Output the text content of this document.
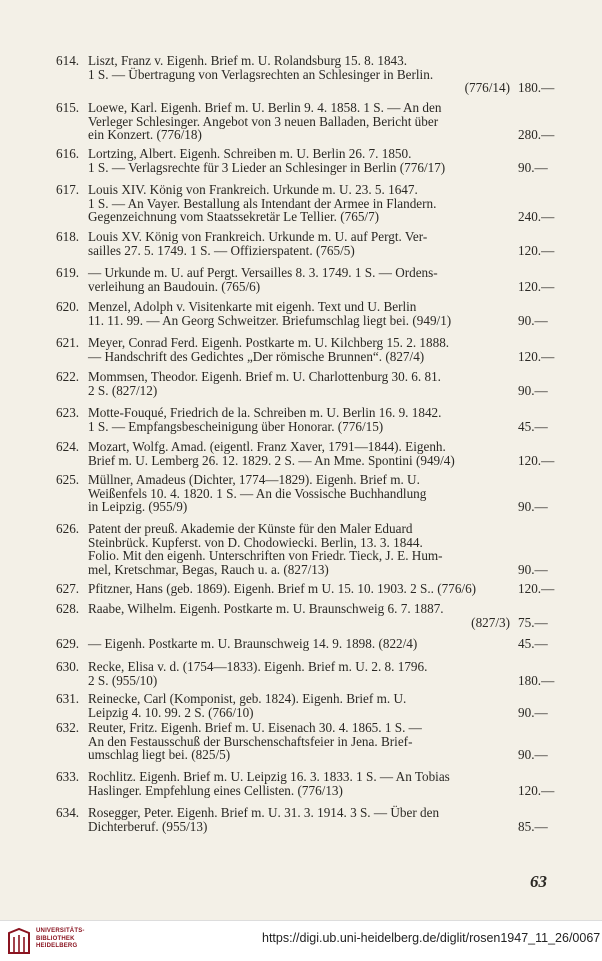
614. Liszt, Franz v. Eigenh. Brief m. U. Rolandsburg 15. 8. 1843.
1 S. — Übertragung von Verlagsrechten an Schlesinger in Berlin.
(776/14) 180.—
615. Loewe, Karl. Eigenh. Brief m. U. Berlin 9. 4. 1858. 1 S. — An den
Verleger Schlesinger. Angebot von 3 neuen Balladen, Bericht über
ein Konzert. (776/18)	280.—
616. Lortzing, Albert. Eigenh. Schreiben m. U. Berlin 26. 7. 1850.
1 S. — Verlagsrechte für 3 Lieder an Schlesinger in Berlin (776/17)	90.—
617. Louis XIV. König von Frankreich. Urkunde m. U. 23. 5. 1647.
1 S. — An Vayer. Bestallung als Intendant der Armee in Flandern.
Gegenzeichnung vom Staatssekretär Le Tellier. (765/7)	240.—
618. Louis XV. König von Frankreich. Urkunde m. U. auf Pergt. Ver-
sailles 27. 5. 1749. 1 S. — Offizierspatent. (765/5)	120.—
619. — Urkunde m. U. auf Pergt. Versailles 8. 3. 1749. 1 S. — Ordens-
verleihung an Baudouin. (765/6)	120.—
620. Menzel, Adolph v. Visitenkarte mit eigenh. Text und U. Berlin
11. 11. 99. — An Georg Schweitzer. Briefumschlag liegt bei. (949/1)	90.—
621. Meyer, Conrad Ferd. Eigenh. Postkarte m. U. Kilchberg 15. 2. 1888.
— Handschrift des Gedichtes „Der römische Brunnen“. (827/4)	120.—
622. Mommsen, Theodor. Eigenh. Brief m. U. Charlottenburg 30. 6. 81.
2 S. (827/12)	90.—
623. Motte-Fouqué, Friedrich de la. Schreiben m. U. Berlin 16. 9. 1842.
1 S. — Empfangsbescheinigung über Honorar. (776/15)	45.—
624. Mozart, Wolfg. Amad. (eigentl. Franz Xaver, 1791—1844). Eigenh.
Brief m. U. Lemberg 26. 12. 1829. 2 S. — An Mme. Spontini (949/4)	120.—
625. Müllner, Amadeus (Dichter, 1774—1829). Eigenh. Brief m. U.
Weißenfels 10. 4. 1820. 1 S. — An die Vossische Buchhandlung
in Leipzig. (955/9)	90.—
626. Patent der preuß. Akademie der Künste für den Maler Eduard
Steinbrück. Kupferst. von D. Chodowiecki. Berlin, 13. 3. 1844.
Folio. Mit den eigenh. Unterschriften von Friedr. Tieck, J. E. Hum-
mel, Kretschmar, Begas, Rauch u. a. (827/13)	90.—
627. Pfitzner, Hans (geb. 1869). Eigenh. Brief m U. 15. 10. 1903. 2 S.. (776/6)	120.—
628. Raabe, Wilhelm. Eigenh. Postkarte m. U. Braunschweig 6. 7. 1887.
(827/3) 75.—
629. — Eigenh. Postkarte m. U. Braunschweig 14. 9. 1898. (822/4)	45.—
630. Recke, Elisa v. d. (1754—1833). Eigenh. Brief m. U. 2. 8. 1796.
2 S. (955/10)	180.—
631. Reinecke, Carl (Komponist, geb. 1824). Eigenh. Brief m. U.
Leipzig 4. 10. 99. 2 S. (766/10)	90.—
632. Reuter, Fritz. Eigenh. Brief m. U. Eisenach 30. 4. 1865. 1 S. —
An den Festausschuß der Burschenschaftsfeier in Jena. Brief-
umschlag liegt bei. (825/5)	90.—
633. Rochlitz. Eigenh. Brief m. U. Leipzig 16. 3. 1833. 1 S. — An Tobias
Haslinger. Empfehlung eines Cellisten. (776/13)	120.—
634. Rosegger, Peter. Eigenh. Brief m. U. 31. 3. 1914. 3 S. — Über den
Dichterberuf. (955/13)	85.—
63
UNIVERSITÄTS-
BIBLIOTHEK
HEIDELBERG
https://digi.ub.uni-heidelberg.de/diglit/rosen1947_11_26/0067
